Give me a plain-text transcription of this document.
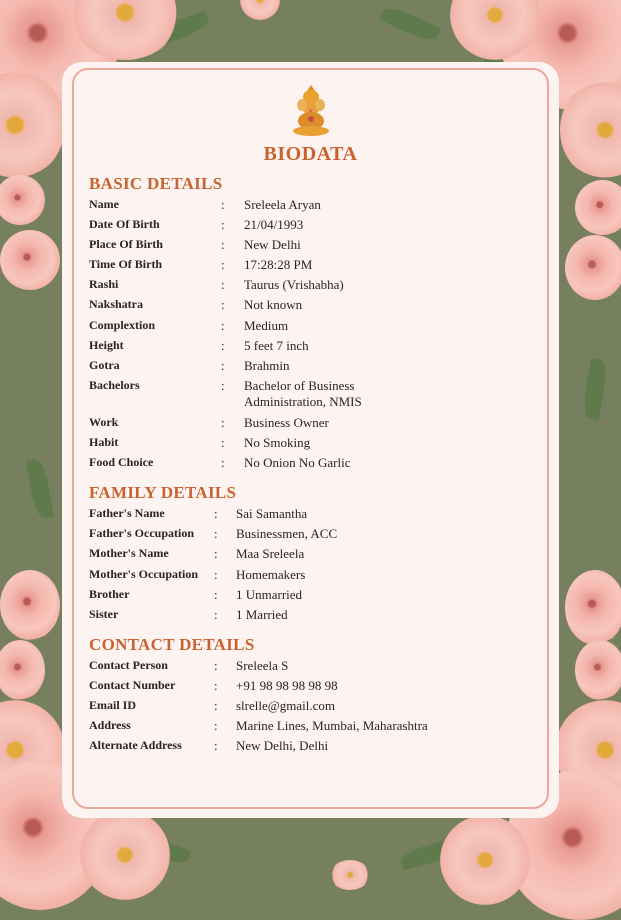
BIODATA
BASIC DETAILS
Name	: Sreleela Aryan
Date Of Birth	: 21/04/1993
Place Of Birth	: New Delhi
Time Of Birth	: 17:28:28 PM
Rashi	: Taurus (Vrishabha)
Nakshatra	: Not known
Complextion	: Medium
Height	: 5 feet 7 inch
Gotra	: Brahmin
Bachelors	: Bachelor of Business
Administration, NMIS
Work	: Business Owner
Habit	: No Smoking
Food Choice	: No Onion No Garlic
FAMILY DETAILS
Father's Name	: Sai Samantha
Father's Occupation : Businessmen, ACC
Mother's Name	: Maa Sreleela
Mother's Occupation : Homemakers
Brother	: 1 Unmarried
Sister	: 1 Married
CONTACT DETAILS
Contact Person	: Sreleela S
Contact Number	: +91 98 98 98 98 98
Email ID	: slrelle@gmail.com
Address	: Marine Lines, Mumbai, Maharashtra
Alternate Address : New Delhi, Delhi
